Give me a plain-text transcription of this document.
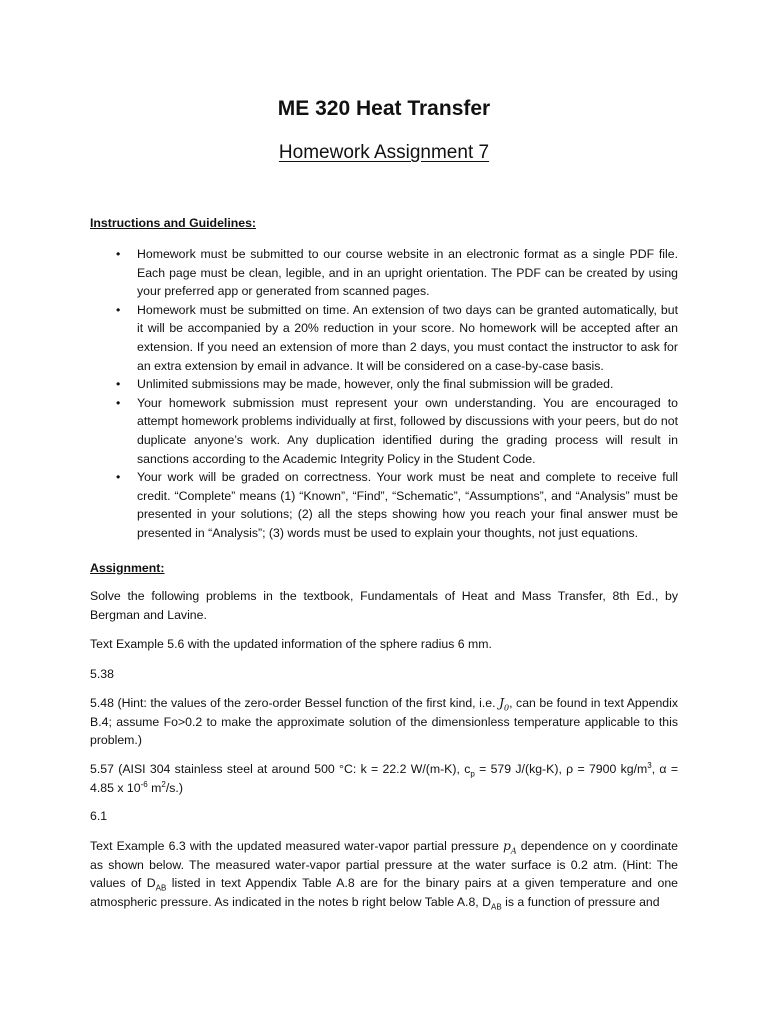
ME 320 Heat Transfer
Homework Assignment 7
Instructions and Guidelines:
• Homework must be submitted to our course website in an electronic format as a single PDF file. Each page must be clean, legible, and in an upright orientation. The PDF can be created by using your preferred app or generated from scanned pages.
• Homework must be submitted on time. An extension of two days can be granted automatically, but it will be accompanied by a 20% reduction in your score. No homework will be accepted after an extension. If you need an extension of more than 2 days, you must contact the instructor to ask for an extra extension by email in advance. It will be considered on a case-by-case basis.
• Unlimited submissions may be made, however, only the final submission will be graded.
• Your homework submission must represent your own understanding. You are encouraged to attempt homework problems individually at first, followed by discussions with your peers, but do not duplicate anyone’s work. Any duplication identified during the grading process will result in sanctions according to the Academic Integrity Policy in the Student Code.
• Your work will be graded on correctness. Your work must be neat and complete to receive full credit. “Complete” means (1) “Known”, “Find”, “Schematic”, “Assumptions”, and “Analysis” must be presented in your solutions; (2) all the steps showing how you reach your final answer must be presented in “Analysis”; (3) words must be used to explain your thoughts, not just equations.
Assignment:

Solve the following problems in the textbook, Fundamentals of Heat and Mass Transfer, 8th Ed., by Bergman and Lavine.

Text Example 5.6 with the updated information of the sphere radius 6 mm.

5.38

5.48 (Hint: the values of the zero-order Bessel function of the first kind, i.e. $J_0$, can be found in text Appendix B.4; assume Fo>0.2 to make the approximate solution of the dimensionless temperature applicable to this problem.)

5.57 (AISI 304 stainless steel at around 500 °C: k = 22.2 W/(m-K), $c_p = 579$ J/(kg-K), ρ = 7900 $kg/m^3$, α = 4.85 x $10^{-6}$ $m^2/s$.)

6.1

Text Example 6.3 with the updated measured water-vapor partial pressure $p_A$ dependence on y coordinate as shown below. The measured water-vapor partial pressure at the water surface is 0.2 atm. (Hint: The values of $D_{AB}$ listed in text Appendix Table A.8 are for the binary pairs at a given temperature and one atmospheric pressure. As indicated in the notes b right below Table A.8, $D_{AB}$ is a function of pressure and
